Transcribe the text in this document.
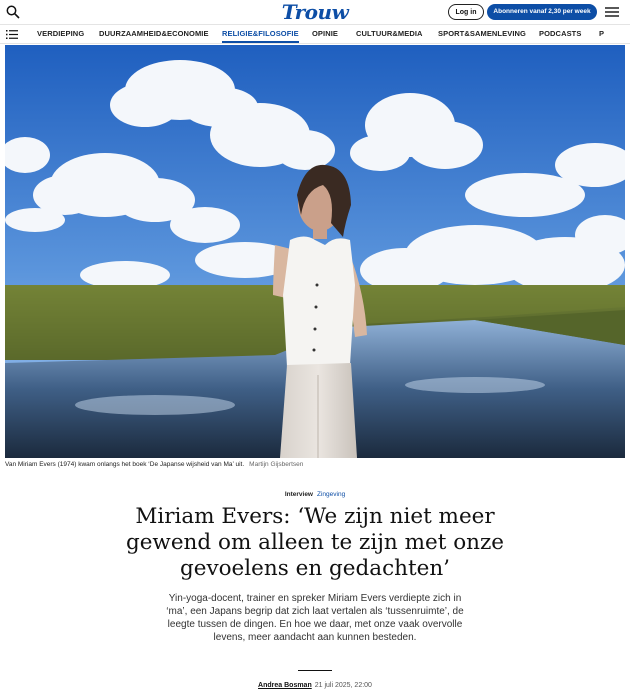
Trouw	Log in	Abonneren vanaf 2,30 per week
VERDIEPING DUURZAAMHEID&ECONOMIE RELIGIE&FILOSOFIE OPINIE CULTUUR&MEDIA SPORT&SAMENLEVING PODCASTS P
Van Miriam Evers (1974) kwam onlangs het boek ‘De Japanse wijsheid van Ma’ uit. Martijn Gijsbertsen
Interview Zingeving
Miriam Evers: ‘We zijn niet meer gewend om alleen te zijn met onze gevoelens en gedachten’

Yin-yoga-docent, trainer en spreker Miriam Evers verdiepte zich in ‘ma’, een Japans begrip dat zich laat vertalen als ‘tussenruimte’, de leegte tussen de dingen. En hoe we daar, met onze vaak overvolle levens, meer aandacht aan kunnen besteden.

Andrea Bosman 21 juli 2025, 22:00
